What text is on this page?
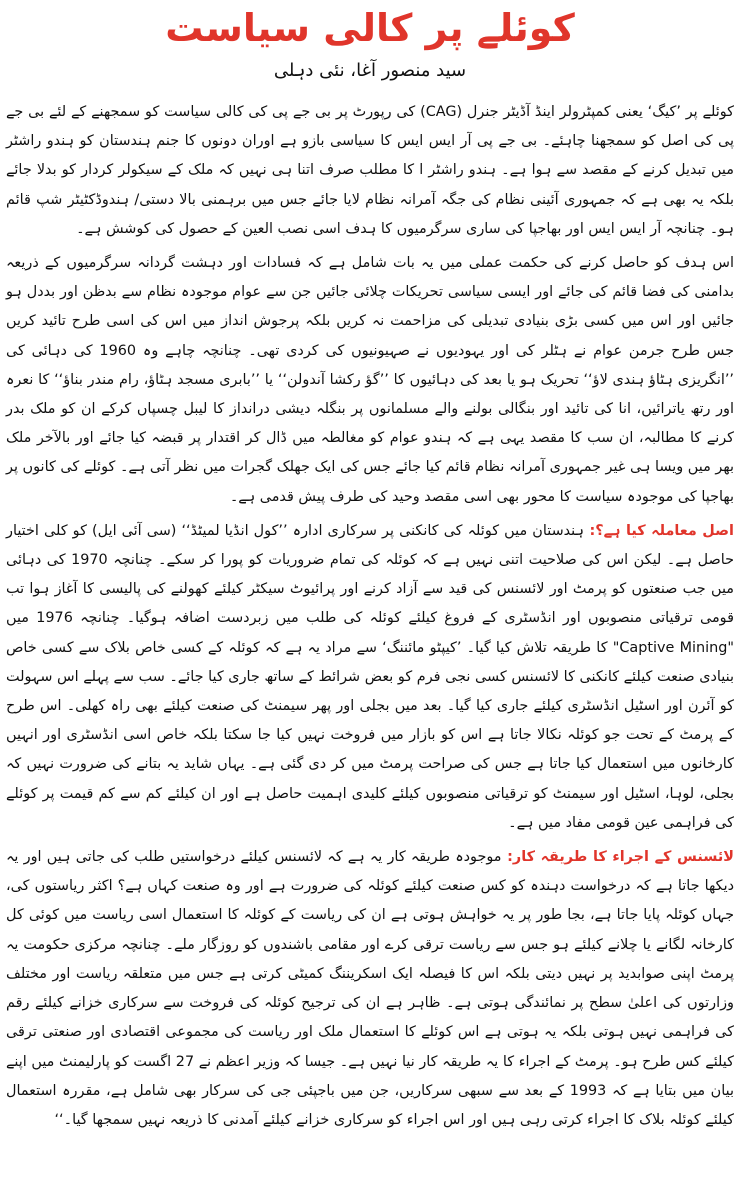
کوئلے پر کالی سیاست
سید منصور آغا، نئی دہلی

کوئلے پر ’کیگ‘ یعنی کمپٹرولر اینڈ آڈیٹر جنرل (CAG) کی رپورٹ پر بی جے پی کی کالی سیاست کو سمجھنے کے لئے بی جے پی کی اصل کو سمجھنا چاہئے۔ بی جے پی آر ایس ایس کا سیاسی بازو ہے اوران دونوں کا جنم ہندستان کو ہندو راشٹر میں تبدیل کرنے کے مقصد سے ہوا ہے۔ ہندو راشٹر ا کا مطلب صرف اتنا ہی نہیں کہ ملک کے سیکولر کردار کو بدلا جائے بلکہ یہ بھی ہے کہ جمہوری آئینی نظام کی جگہ آمرانہ نظام لایا جائے جس میں برہمنی بالا دستی/ ہندوڈکٹیٹر شپ قائم ہو۔ چنانچہ آر ایس ایس اور بھاجپا کی ساری سرگرمیوں کا ہدف اسی نصب العین کے حصول کی کوشش ہے۔

اس ہدف کو حاصل کرنے کی حکمت عملی میں یہ بات شامل ہے کہ فسادات اور دہشت گردانہ سرگرمیوں کے ذریعہ بدامنی کی فضا قائم کی جائے اور ایسی سیاسی تحریکات چلائی جائیں جن سے عوام موجودہ نظام سے بدظن اور بددل ہو جائیں اور اس میں کسی بڑی بنیادی تبدیلی کی مزاحمت نہ کریں بلکہ پرجوش انداز میں اس کی اسی طرح تائید کریں جس طرح جرمن عوام نے ہٹلر کی اور یہودیوں نے صہیونیوں کی کردی تھی۔ چنانچہ چاہے وہ 1960 کی دہائی کی ’’انگریزی ہٹاؤ ہندی لاؤ‘‘ تحریک ہو یا بعد کی دہائیوں کا ’’گؤ رکشا آندولن‘‘ یا ’’بابری مسجد ہٹاؤ، رام مندر بناؤ‘‘ کا نعرہ اور رتھ یاترائیں، انا کی تائید اور بنگالی بولنے والے مسلمانوں پر بنگلہ دیشی درانداز کا لیبل چسپاں کرکے ان کو ملک بدر کرنے کا مطالبہ، ان سب کا مقصد یہی ہے کہ ہندو عوام کو مغالطہ میں ڈال کر اقتدار پر قبضہ کیا جائے اور بالآخر ملک بھر میں ویسا ہی غیر جمہوری آمرانہ نظام قائم کیا جائے جس کی ایک جھلک گجرات میں نظر آتی ہے۔ کوئلے کی کانوں پر بھاجپا کی موجودہ سیاست کا محور بھی اسی مقصد وحید کی طرف پیش قدمی ہے۔

اصل معاملہ کیا ہے؟: ہندستان میں کوئلہ کی کانکنی پر سرکاری ادارہ ’’کول انڈیا لمیٹڈ‘‘ (سی آئی ایل) کو کلی اختیار حاصل ہے۔ لیکن اس کی صلاحیت اتنی نہیں ہے کہ کوئلہ کی تمام ضروریات کو پورا کر سکے۔ چنانچہ 1970 کی دہائی میں جب صنعتوں کو پرمٹ اور لائسنس کی قید سے آزاد کرنے اور پرائیوٹ سیکٹر کیلئے کھولنے کی پالیسی کا آغاز ہوا تب قومی ترقیاتی منصوبوں اور انڈسٹری کے فروغ کیلئے کوئلہ کی طلب میں زبردست اضافہ ہوگیا۔ چنانچہ 1976 میں "Captive Mining" کا طریقہ تلاش کیا گیا۔ ’کیپٹو مائننگ‘ سے مراد یہ ہے کہ کوئلہ کے کسی خاص بلاک سے کسی خاص بنیادی صنعت کیلئے کانکنی کا لائسنس کسی نجی فرم کو بعض شرائط کے ساتھ جاری کیا جائے۔ سب سے پہلے اس سہولت کو آئرن اور اسٹیل انڈسٹری کیلئے جاری کیا گیا۔ بعد میں بجلی اور پھر سیمنٹ کی صنعت کیلئے بھی راہ کھلی۔ اس طرح کے پرمٹ کے تحت جو کوئلہ نکالا جاتا ہے اس کو بازار میں فروخت نہیں کیا جا سکتا بلکہ خاص اسی انڈسٹری اور انہیں کارخانوں میں استعمال کیا جاتا ہے جس کی صراحت پرمٹ میں کر دی گئی ہے۔ یہاں شاید یہ بتانے کی ضرورت نہیں کہ بجلی، لوہا، اسٹیل اور سیمنٹ کو ترقیاتی منصوبوں کیلئے کلیدی اہمیت حاصل ہے اور ان کیلئے کم سے کم قیمت پر کوئلے کی فراہمی عین قومی مفاد میں ہے۔

لائسنس کے اجراء کا طریقہ کار: موجودہ طریقہ کار یہ ہے کہ لائسنس کیلئے درخواستیں طلب کی جاتی ہیں اور یہ دیکھا جاتا ہے کہ درخواست دہندہ کو کس صنعت کیلئے کوئلہ کی ضرورت ہے اور وہ صنعت کہاں ہے؟ اکثر ریاستوں کی، جہاں کوئلہ پایا جاتا ہے، بجا طور پر یہ خواہش ہوتی ہے ان کی ریاست کے کوئلہ کا استعمال اسی ریاست میں کوئی کل کارخانہ لگانے یا چلانے کیلئے ہو جس سے ریاست ترقی کرے اور مقامی باشندوں کو روزگار ملے۔ چنانچہ مرکزی حکومت یہ پرمٹ اپنی صوابدید پر نہیں دیتی بلکہ اس کا فیصلہ ایک اسکریننگ کمیٹی کرتی ہے جس میں متعلقہ ریاست اور مختلف وزارتوں کی اعلیٰ سطح پر نمائندگی ہوتی ہے۔ ظاہر ہے ان کی ترجیح کوئلہ کی فروخت سے سرکاری خزانے کیلئے رقم کی فراہمی نہیں ہوتی بلکہ یہ ہوتی ہے اس کوئلے کا استعمال ملک اور ریاست کی مجموعی اقتصادی اور صنعتی ترقی کیلئے کس طرح ہو۔ پرمٹ کے اجراء کا یہ طریقہ کار نیا نہیں ہے۔ جیسا کہ وزیر اعظم نے 27 اگست کو پارلیمنٹ میں اپنے بیان میں بتایا ہے کہ 1993 کے بعد سے سبھی سرکاریں، جن میں باجپئی جی کی سرکار بھی شامل ہے، مقررہ استعمال کیلئے کوئلہ بلاک کا اجراء کرتی رہی ہیں اور اس اجراء کو سرکاری خزانے کیلئے آمدنی کا ذریعہ نہیں سمجھا گیا۔‘‘
